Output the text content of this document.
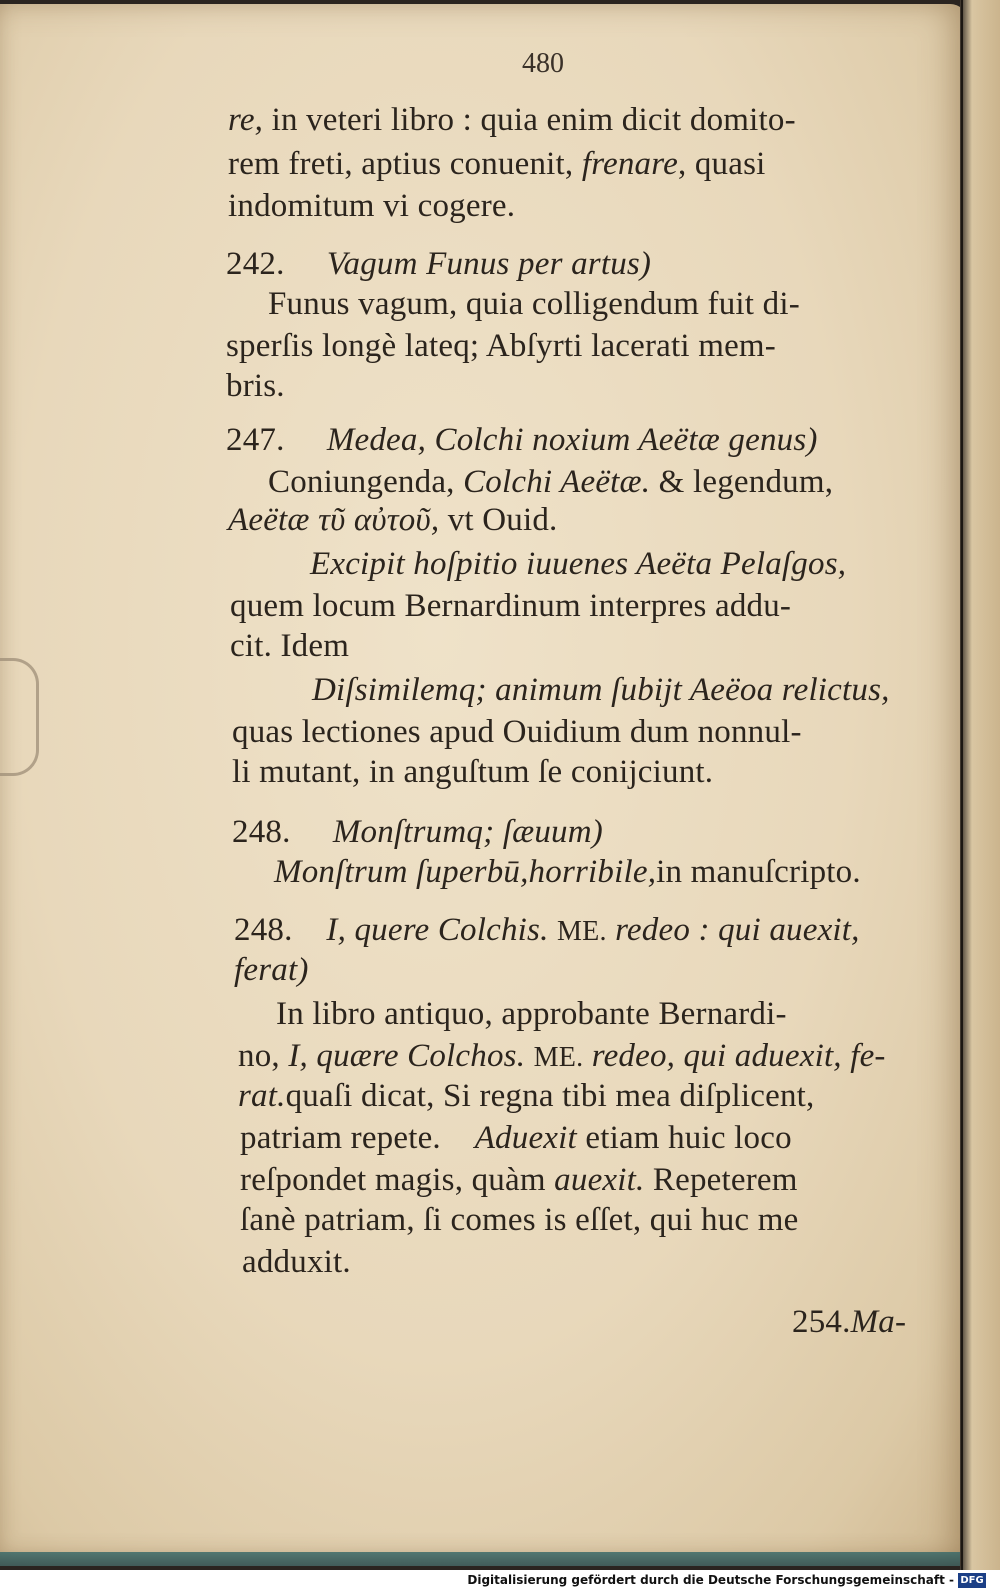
480
re, in veteri libro : quia enim dicit domito-
rem freti, aptius conuenit, frenare, quasi
indomitum vi cogere.
242. Vagum Funus per artus)
Funus vagum, quia colligendum fuit di-
sperſis longè lateq; Abſyrti lacerati mem-
bris.
247. Medea, Colchi noxium Aeëtæ genus)
Coniungenda, Colchi Aeëtæ. & legendum,
Aeëtæ τῦ αὐτοῦ, vt Ouid.
Excipit hoſpitio iuuenes Aeëta Pelaſgos,
quem locum Bernardinum interpres addu-
cit. Idem
Diſsimilemq; animum ſubijt Aeëoa relictus,
quas lectiones apud Ouidium dum nonnul-
li mutant, in anguſtum ſe conijciunt.
248. Monſtrumq; ſæuum)
Monſtrum ſuperbū,horribile,in manuſcripto.
248. I, quere Colchis. ME. redeo : qui auexit,
ferat)
In libro antiquo, approbante Bernardi-
no, I, quære Colchos. ME. redeo, qui aduexit, fe-
rat.quaſi dicat, Si regna tibi mea diſplicent,
patriam repete. Aduexit etiam huic loco
reſpondet magis, quàm auexit. Repeterem
ſanè patriam, ſi comes is eſſet, qui huc me
adduxit.
254.Ma-
Digitalisierung gefördert durch die Deutsche Forschungsgemeinschaft - DFG
